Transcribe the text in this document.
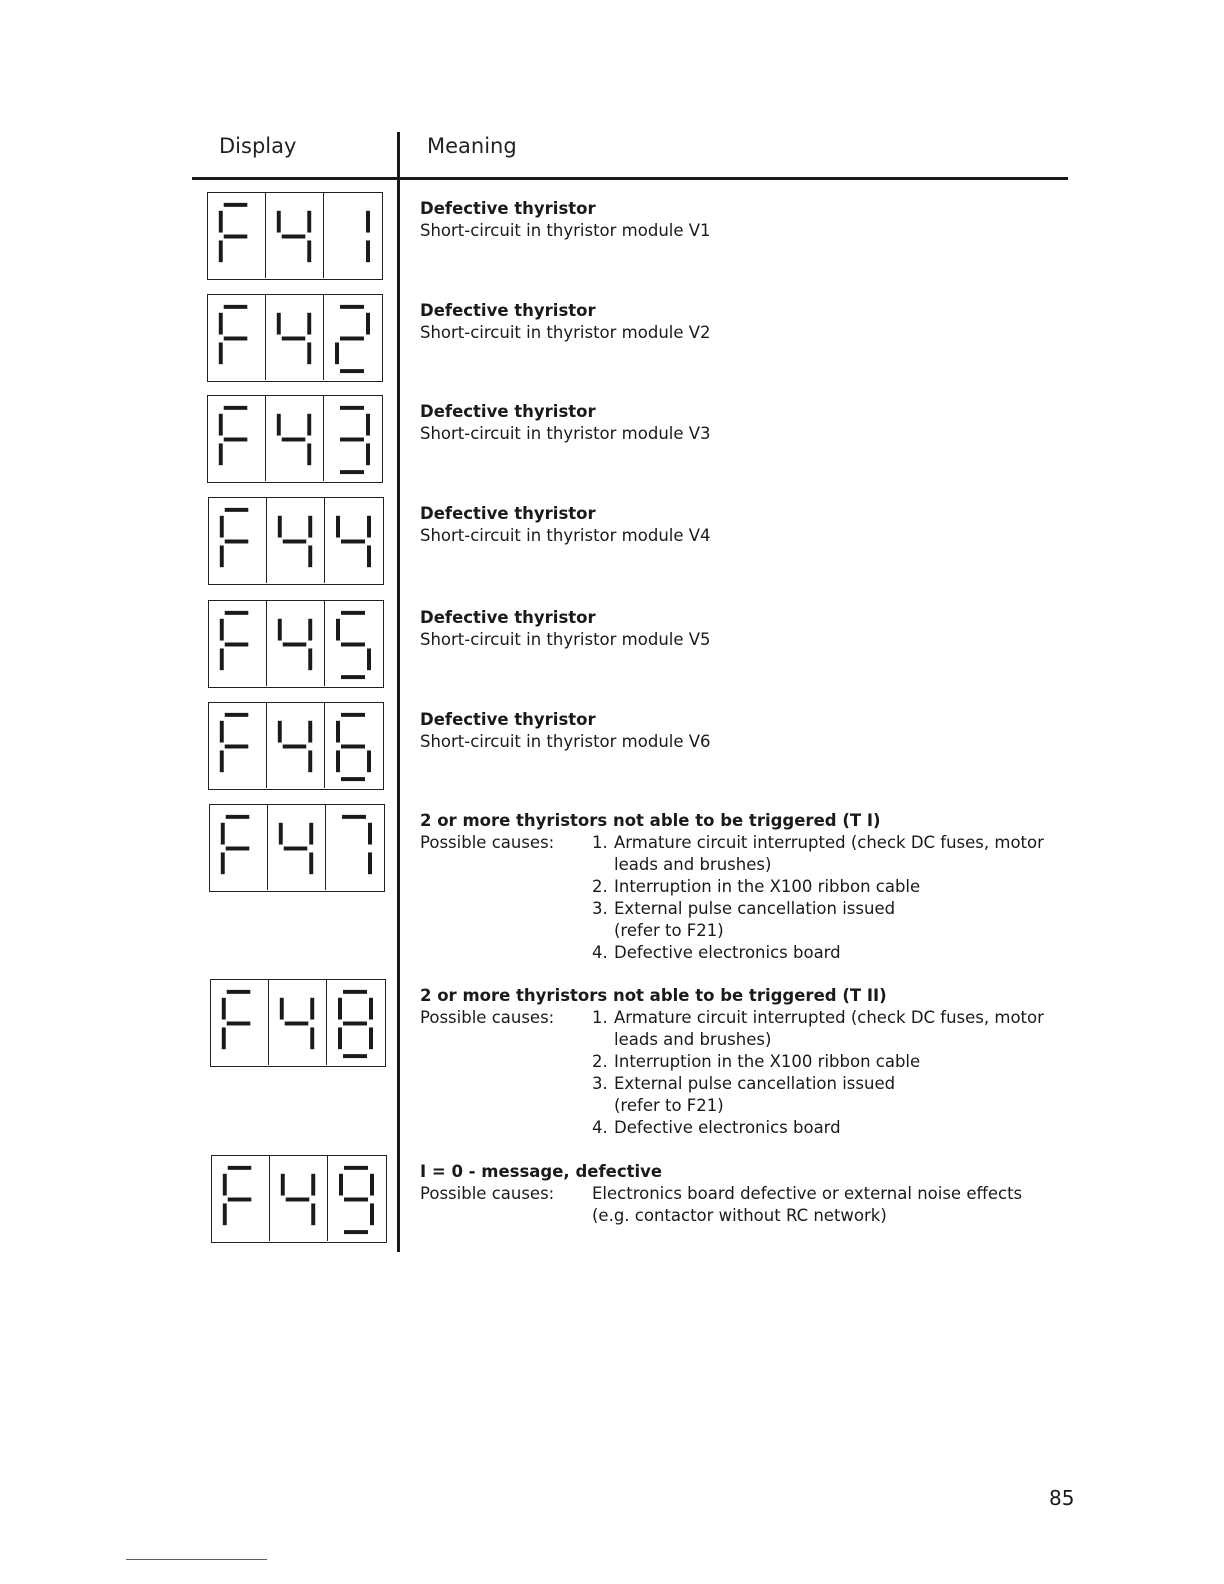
Display	Meaning
Defective thyristor
Short-circuit in thyristor module V1
Defective thyristor
Short-circuit in thyristor module V2
Defective thyristor
Short-circuit in thyristor module V3
Defective thyristor
Short-circuit in thyristor module V4
Defective thyristor
Short-circuit in thyristor module V5
Defective thyristor
Short-circuit in thyristor module V6
2 or more thyristors not able to be triggered (T I)
Possible causes:	1. Armature circuit interrupted (check DC fuses, motor
leads and brushes)
2. Interruption in the X100 ribbon cable
3. External pulse cancellation issued
(refer to F21)
4. Defective electronics board
2 or more thyristors not able to be triggered (T II)
Possible causes:	1. Armature circuit interrupted (check DC fuses, motor
leads and brushes)
2. Interruption in the X100 ribbon cable
3. External pulse cancellation issued
(refer to F21)
4. Defective electronics board
I = 0 - message, defective
Possible causes:	Electronics board defective or external noise effects
(e.g. contactor without RC network)
85
